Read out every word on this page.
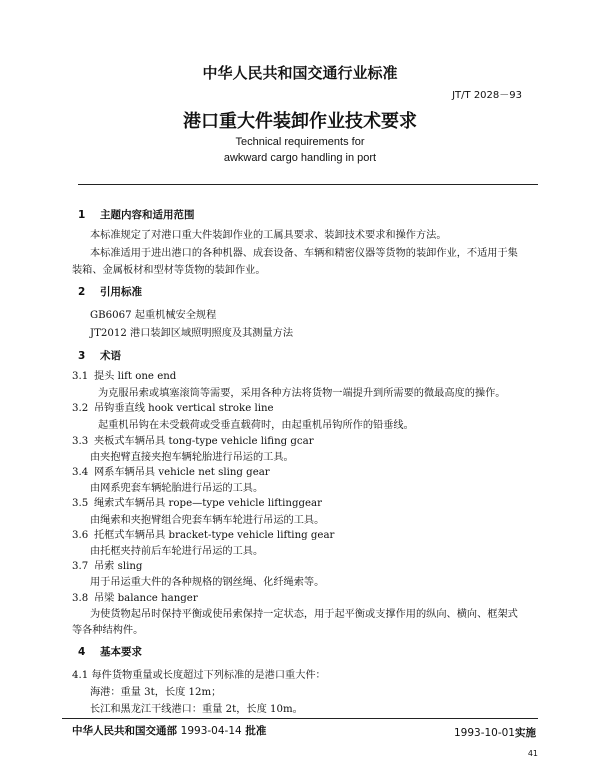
中华人民共和国交通行业标准
JT/T 2028－93
港口重大件装卸作业技术要求
Technical requirements for
awkward cargo handling in port
1 主题内容和适用范围
本标准规定了对港口重大件装卸作业的工属具要求、装卸技术要求和操作方法。
本标准适用于进出港口的各种机器、成套设备、车辆和精密仪器等货物的装卸作业，不适用于集
装箱、金属板材和型材等货物的装卸作业。
2 引用标准
GB6067 起重机械安全规程
JT2012 港口装卸区域照明照度及其测量方法
3 术语
3.1 提头 lift one end
为克服吊索或填塞滚筒等需要，采用各种方法将货物一端提升到所需要的微最高度的操作。
3.2 吊钩垂直线 hook vertical stroke line
起重机吊钩在未受载荷或受垂直载荷时，由起重机吊钩所作的铅垂线。
3.3 夹板式车辆吊具 tong-type vehicle lifing gcar
由夹抱臂直接夹抱车辆轮胎进行吊运的工具。
3.4 网系车辆吊具 vehicle net sling gear
由网系兜套车辆轮胎进行吊运的工具。
3.5 绳索式车辆吊具 rope—type vehicle liftinggear
由绳索和夹抱臂组合兜套车辆车轮进行吊运的工具。
3.6 托框式车辆吊具 bracket-type vehicle lifting gear
由托框夹持前后车轮进行吊运的工具。
3.7 吊索 sling
用于吊运重大件的各种规格的钢丝绳、化纤绳索等。
3.8 吊梁 balance hanger
为使货物起吊时保持平衡或使吊索保持一定状态，用于起平衡或支撑作用的纵向、横向、框架式
等各种结构件。
4 基本要求
4.1 每件货物重量或长度超过下列标准的是港口重大件：
海港：重量 3t，长度 12m；
长江和黑龙江干线港口：重量 2t，长度 10m。
中华人民共和国交通部 1993-04-14 批准	1993-10-01实施
41
